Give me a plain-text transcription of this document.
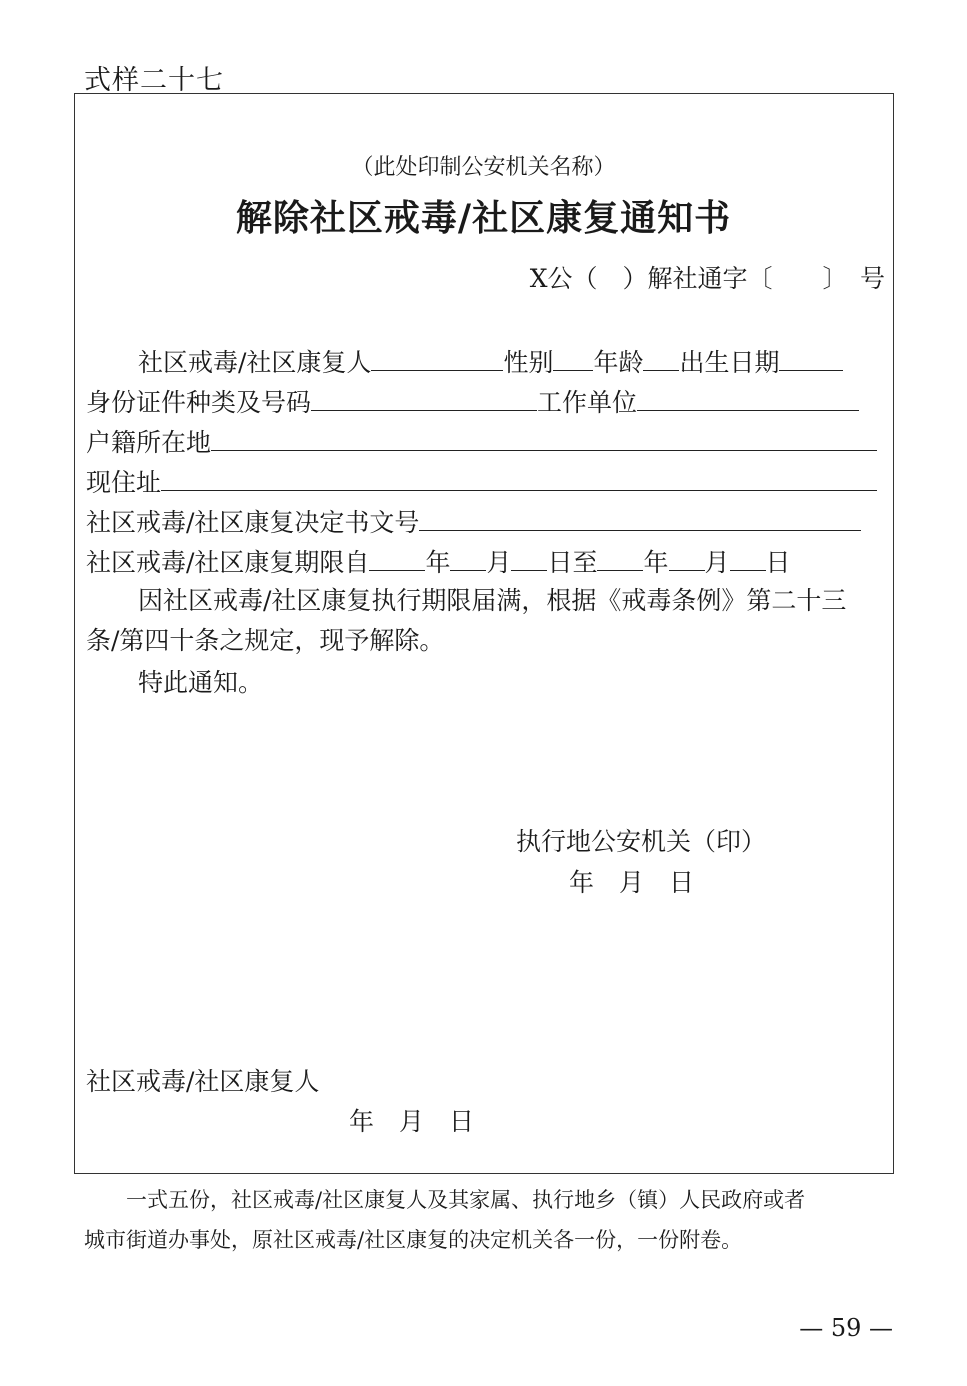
式样二十七
（此处印制公安机关名称）
解除社区戒毒/社区康复通知书
X公（　）解社通字〔　　〕　号
社区戒毒/社区康复人	性别 年龄 出生日期
身份证件种类及号码	工作单位
户籍所在地
现住址
社区戒毒/社区康复决定书文号
社区戒毒/社区康复期限自 年 月 日至 年 月 日
因社区戒毒/社区康复执行期限届满，根据《戒毒条例》第二十三
条/第四十条之规定，现予解除。
特此通知。
执行地公安机关（印）
年　月　日
社区戒毒/社区康复人
年　月　日
一式五份，社区戒毒/社区康复人及其家属、执行地乡（镇）人民政府或者
城市街道办事处，原社区戒毒/社区康复的决定机关各一份，一份附卷。
— 59 —
